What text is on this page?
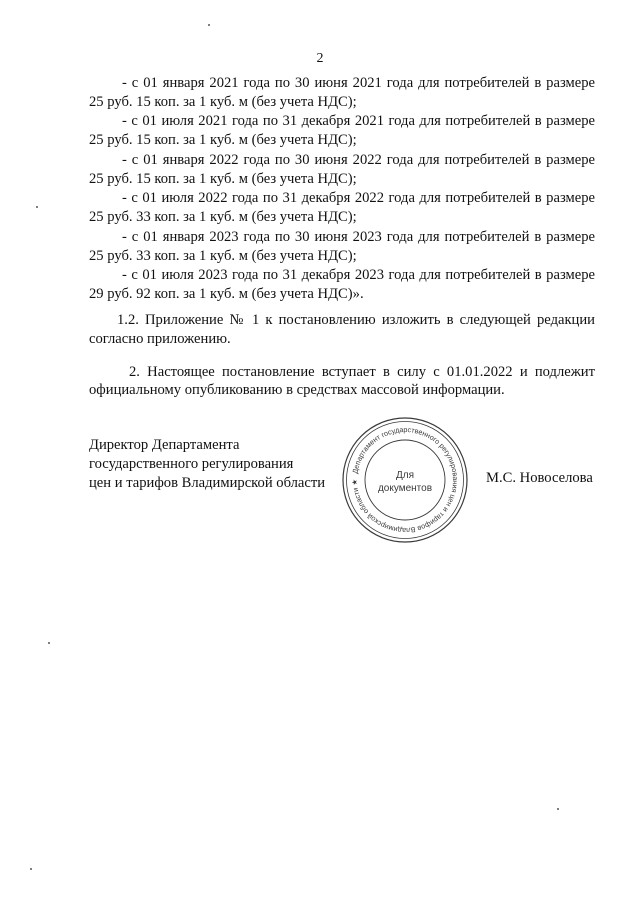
2
- с 01 января 2021 года по 30 июня 2021 года для потребителей в размере
25 руб. 15 коп. за 1 куб. м (без учета НДС);
- с 01 июля 2021 года по 31 декабря 2021 года для потребителей в размере
25 руб. 15 коп. за 1 куб. м (без учета НДС);
- с 01 января 2022 года по 30 июня 2022 года для потребителей в размере
25 руб. 15 коп. за 1 куб. м (без учета НДС);
- с 01 июля 2022 года по 31 декабря 2022 года для потребителей в размере
25 руб. 33 коп. за 1 куб. м (без учета НДС);
- с 01 января 2023 года по 30 июня 2023 года для потребителей в размере
25 руб. 33 коп. за 1 куб. м (без учета НДС);
- с 01 июля 2023 года по 31 декабря 2023 года для потребителей в размере
29 руб. 92 коп. за 1 куб. м (без учета НДС)».
1.2. Приложение № 1 к постановлению изложить в следующей редакции
согласно приложению.
2. Настоящее постановление вступает в силу с 01.01.2022 и подлежит
официальному опубликованию в средствах массовой информации.
Директор Департамента
государственного регулирования
цен и тарифов Владимирской области
Департамент государственного регулирования цен и тарифов Владимирской области ★
Для
документов
М.С. Новоселова
